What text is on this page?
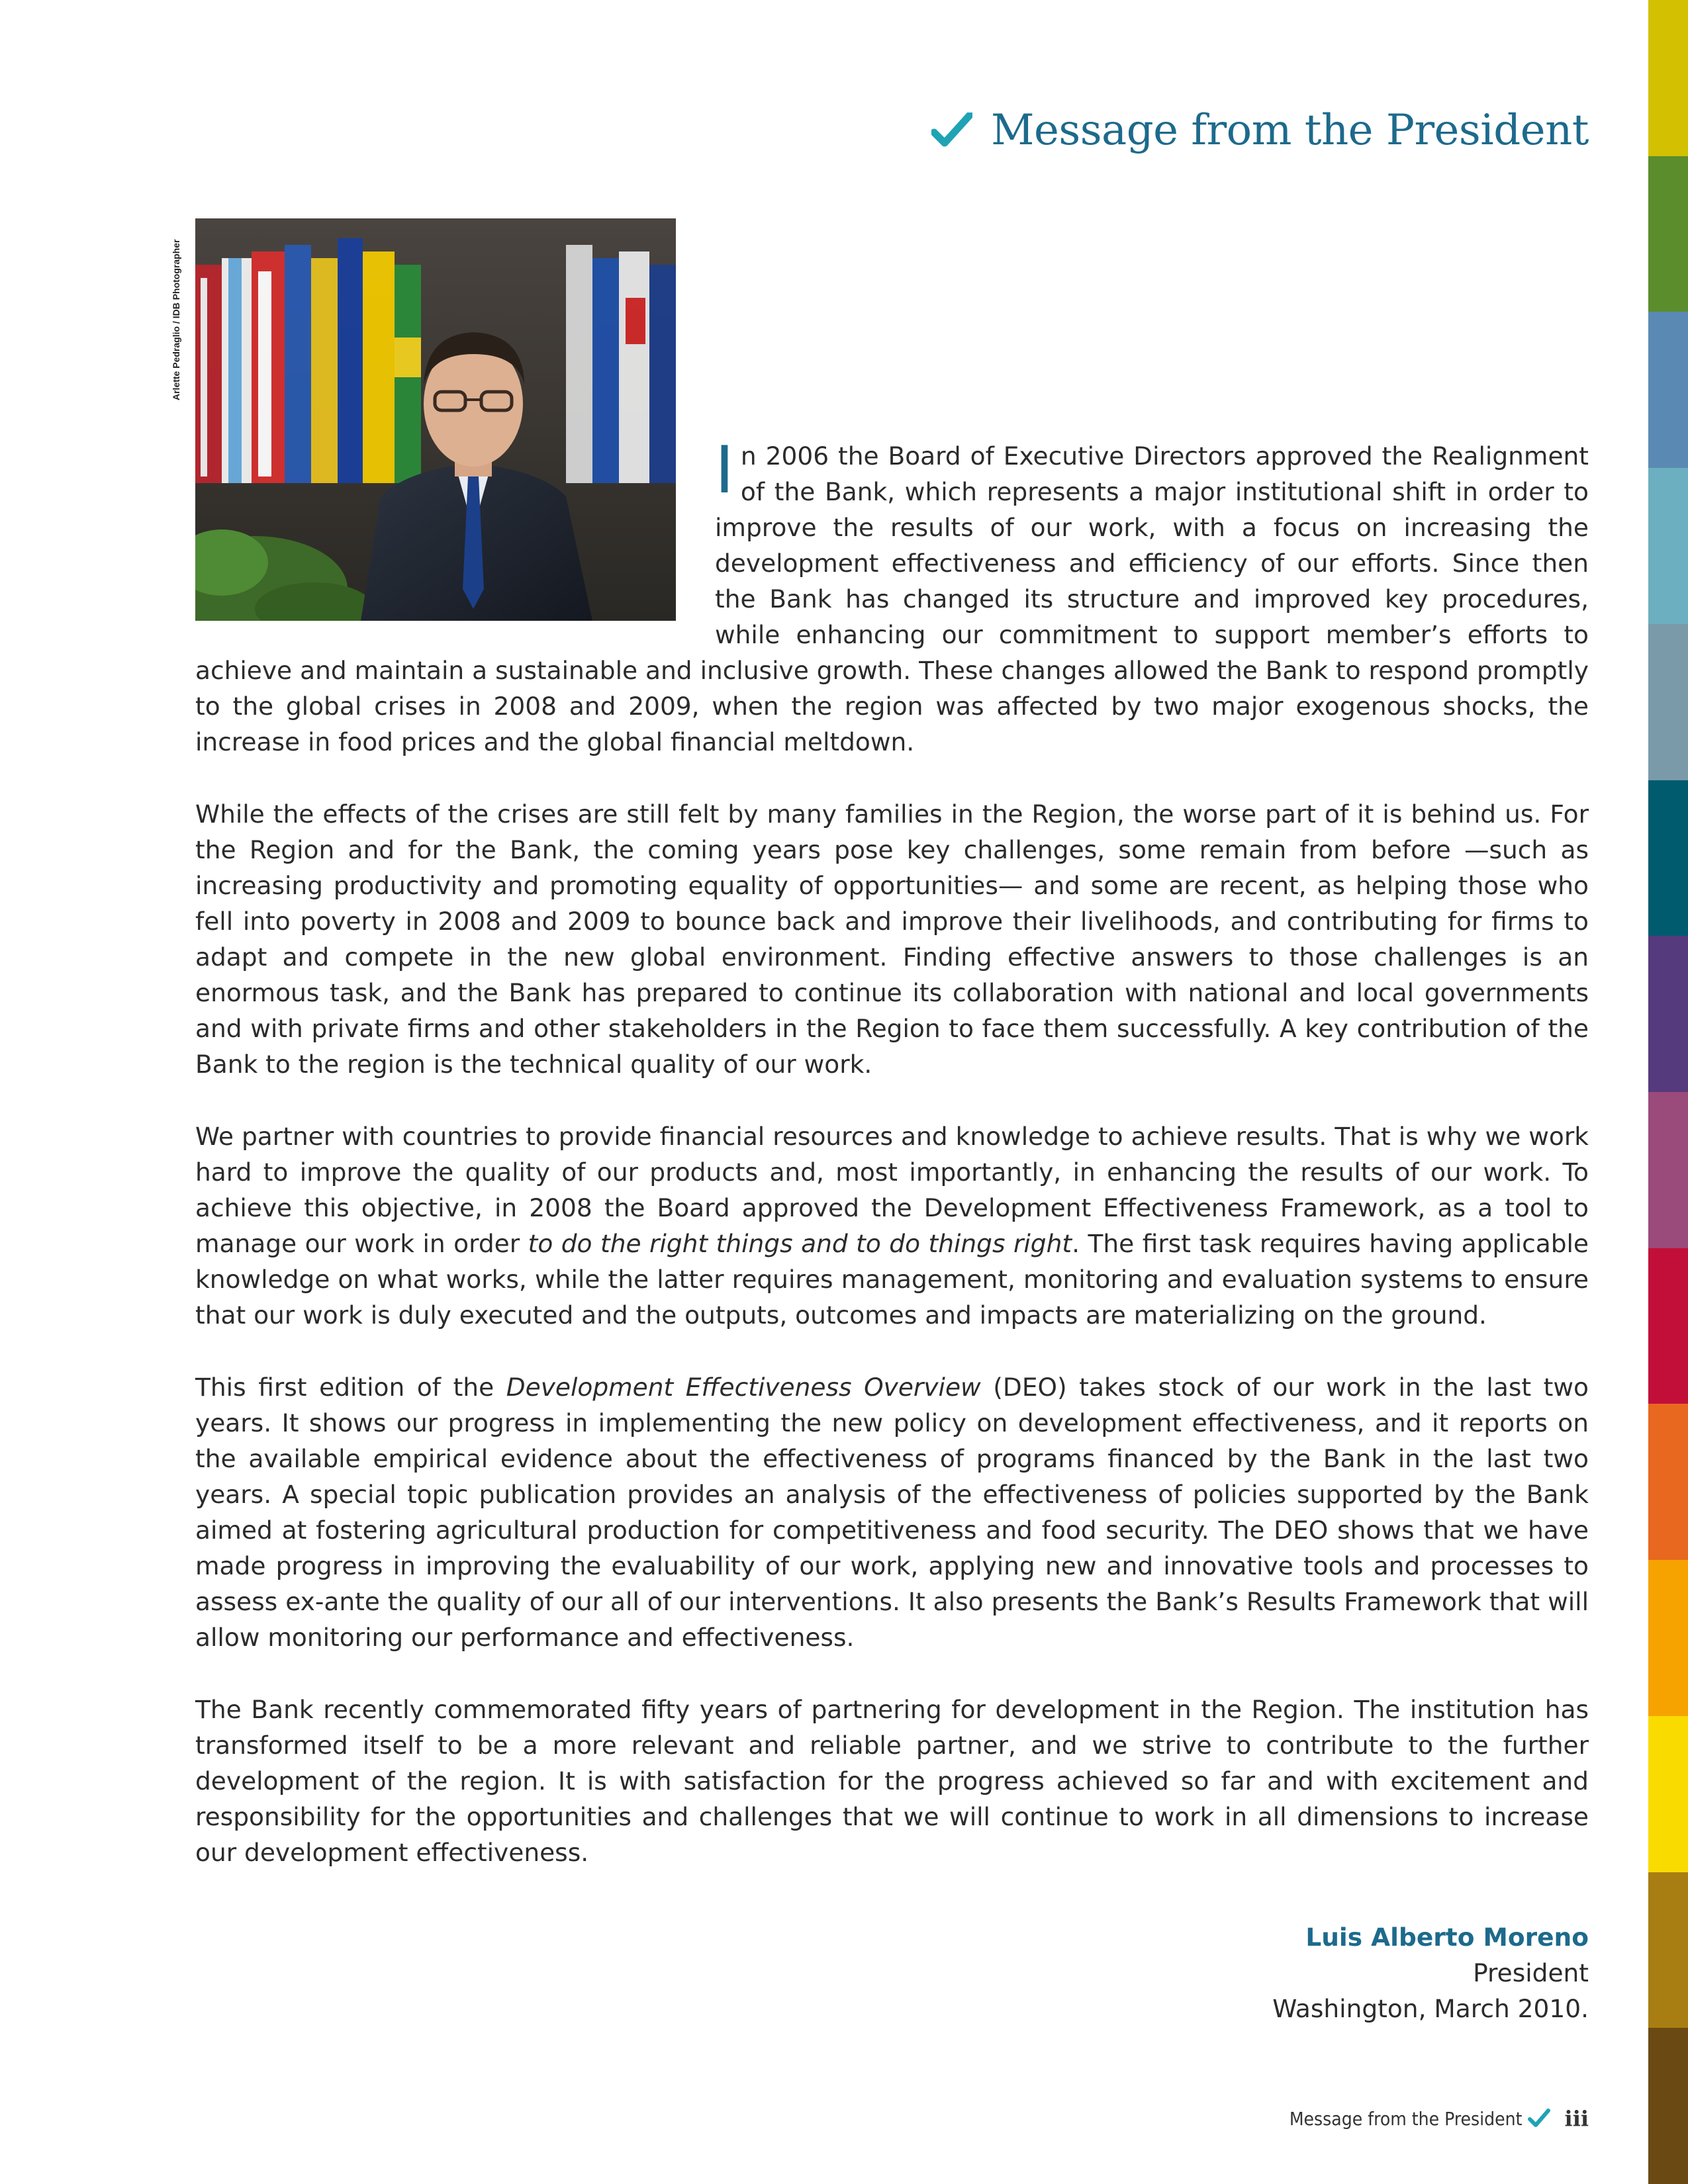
Message from the President
Arlette Pedraglio / IDB Photographer

In 2006 the Board of Executive Directors approved the Realignment of the Bank, which represents a major institutional shift in order to improve the results of our work, with a focus on increasing the development effectiveness and efficiency of our efforts. Since then the Bank has changed its structure and improved key procedures, while enhancing our commitment to support member’s efforts to achieve and maintain a sustainable and inclusive growth. These changes allowed the Bank to respond promptly to the global crises in 2008 and 2009, when the region was affected by two major exogenous shocks, the increase in food prices and the global financial meltdown.

While the effects of the crises are still felt by many families in the Region, the worse part of it is behind us. For the Region and for the Bank, the coming years pose key challenges, some remain from before —such as increasing productivity and promoting equality of opportunities— and some are recent, as helping those who fell into poverty in 2008 and 2009 to bounce back and improve their livelihoods, and contributing for firms to adapt and compete in the new global environment. Finding effective answers to those challenges is an enormous task, and the Bank has prepared to continue its collaboration with national and local governments and with private firms and other stakeholders in the Region to face them successfully. A key contribution of the Bank to the region is the technical quality of our work.

We partner with countries to provide financial resources and knowledge to achieve results. That is why we work hard to improve the quality of our products and, most importantly, in enhancing the results of our work. To achieve this objective, in 2008 the Board approved the Development Effectiveness Framework, as a tool to manage our work in order to do the right things and to do things right. The first task requires having applicable knowledge on what works, while the latter requires management, monitoring and evaluation systems to ensure that our work is duly executed and the outputs, outcomes and impacts are materializing on the ground.

This first edition of the Development Effectiveness Overview (DEO) takes stock of our work in the last two years. It shows our progress in implementing the new policy on development effectiveness, and it reports on the available empirical evidence about the effectiveness of programs financed by the Bank in the last two years. A special topic publication provides an analysis of the effectiveness of policies supported by the Bank aimed at fostering agricultural production for competitiveness and food security. The DEO shows that we have made progress in improving the evaluability of our work, applying new and innovative tools and processes to assess ex-ante the quality of our all of our interventions. It also presents the Bank’s Results Framework that will allow monitoring our performance and effectiveness.

The Bank recently commemorated fifty years of partnering for development in the Region. The institution has transformed itself to be a more relevant and reliable partner, and we strive to contribute to the further development of the region. It is with satisfaction for the progress achieved so far and with excitement and responsibility for the opportunities and challenges that we will continue to work in all dimensions to increase our development effectiveness.

Luis Alberto Moreno
President
Washington, March 2010.
Message from the President iii
